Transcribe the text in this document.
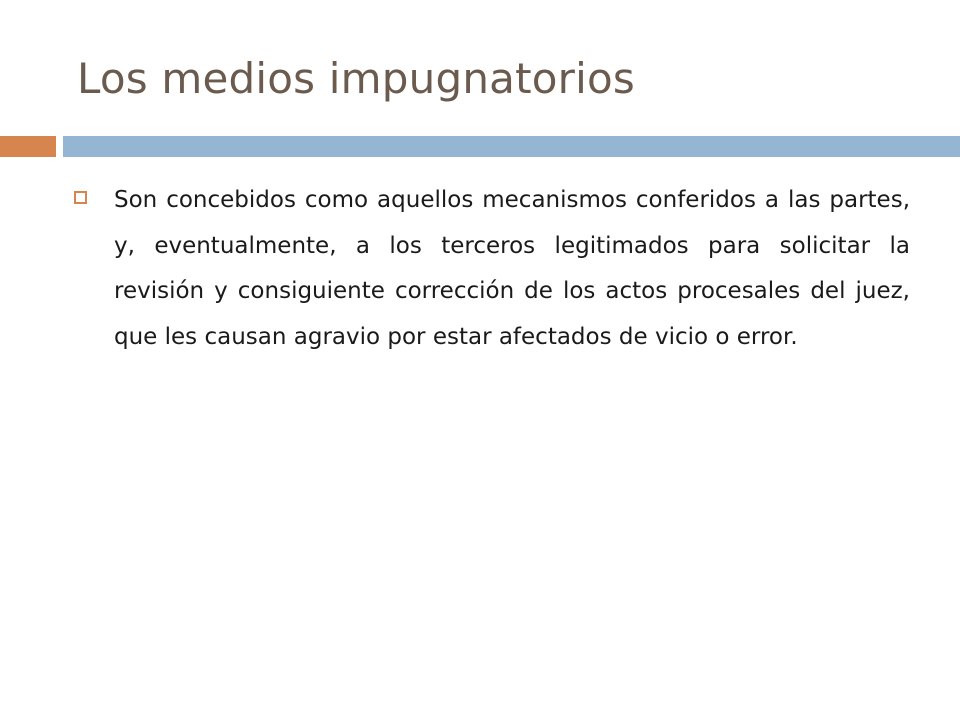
Los medios impugnatorios
Son concebidos como aquellos mecanismos conferidos a las partes, y, eventualmente, a los terceros legitimados para solicitar la revisión y consiguiente corrección de los actos procesales del juez, que les causan agravio por estar afectados de vicio o error.
